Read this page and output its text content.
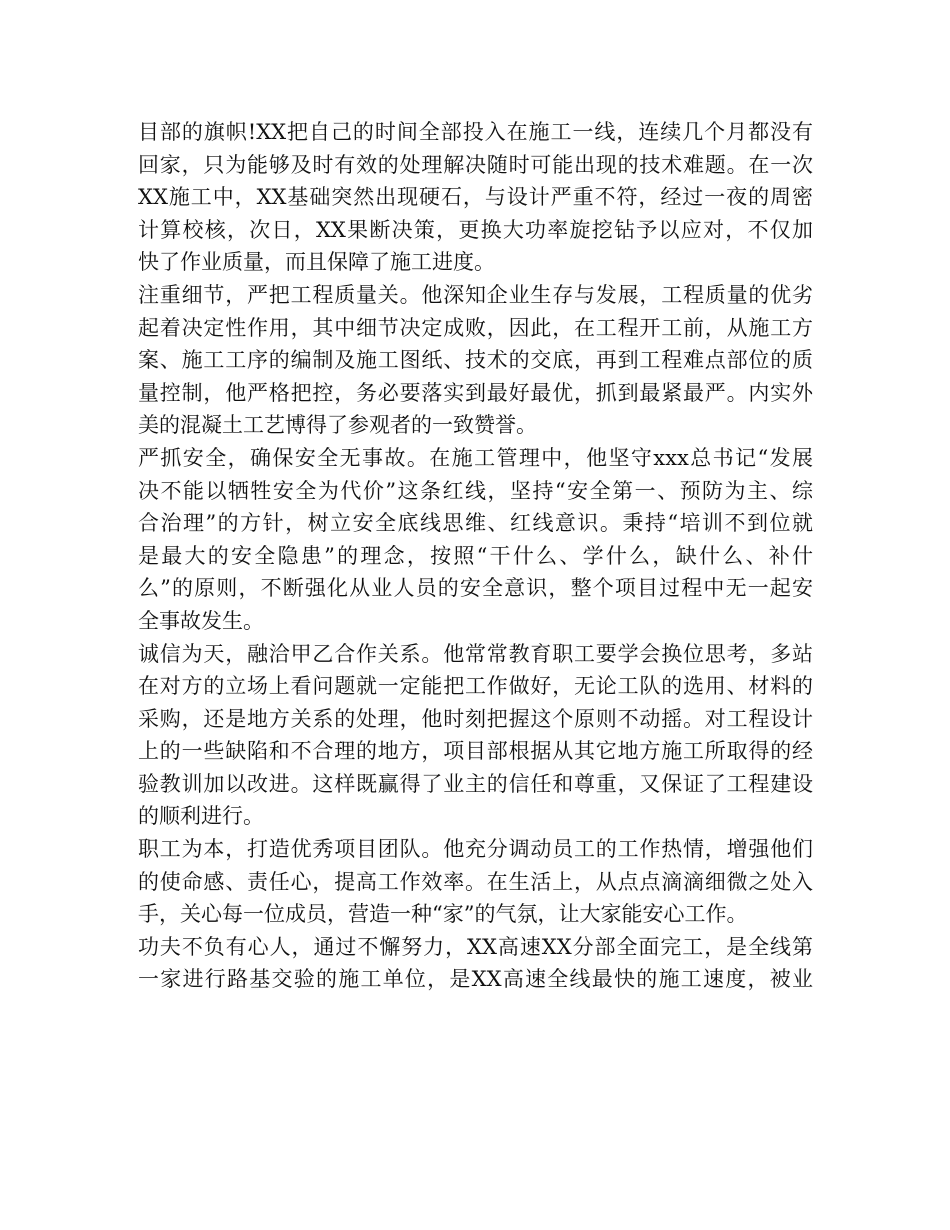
目部的旗帜!XX把自己的时间全部投入在施工一线，连续几个月都没有
回家，只为能够及时有效的处理解决随时可能出现的技术难题。在一次
XX施工中，XX基础突然出现硬石，与设计严重不符，经过一夜的周密
计算校核，次日，XX果断决策，更换大功率旋挖钻予以应对，不仅加
快了作业质量，而且保障了施工进度。
注重细节，严把工程质量关。他深知企业生存与发展，工程质量的优劣
起着决定性作用，其中细节决定成败，因此，在工程开工前，从施工方
案、施工工序的编制及施工图纸、技术的交底，再到工程难点部位的质
量控制，他严格把控，务必要落实到最好最优，抓到最紧最严。内实外
美的混凝土工艺博得了参观者的一致赞誉。
严抓安全，确保安全无事故。在施工管理中，他坚守xxx总书记“发展
决不能以牺牲安全为代价”这条红线，坚持“安全第一、预防为主、综
合治理”的方针，树立安全底线思维、红线意识。秉持“培训不到位就
是最大的安全隐患”的理念，按照“干什么、学什么，缺什么、补什
么”的原则，不断强化从业人员的安全意识，整个项目过程中无一起安
全事故发生。
诚信为天，融洽甲乙合作关系。他常常教育职工要学会换位思考，多站
在对方的立场上看问题就一定能把工作做好，无论工队的选用、材料的
采购，还是地方关系的处理，他时刻把握这个原则不动摇。对工程设计
上的一些缺陷和不合理的地方，项目部根据从其它地方施工所取得的经
验教训加以改进。这样既赢得了业主的信任和尊重，又保证了工程建设
的顺利进行。
职工为本，打造优秀项目团队。他充分调动员工的工作热情，增强他们
的使命感、责任心，提高工作效率。在生活上，从点点滴滴细微之处入
手，关心每一位成员，营造一种“家”的气氛，让大家能安心工作。
功夫不负有心人，通过不懈努力，XX高速XX分部全面完工，是全线第
一家进行路基交验的施工单位，是XX高速全线最快的施工速度，被业
